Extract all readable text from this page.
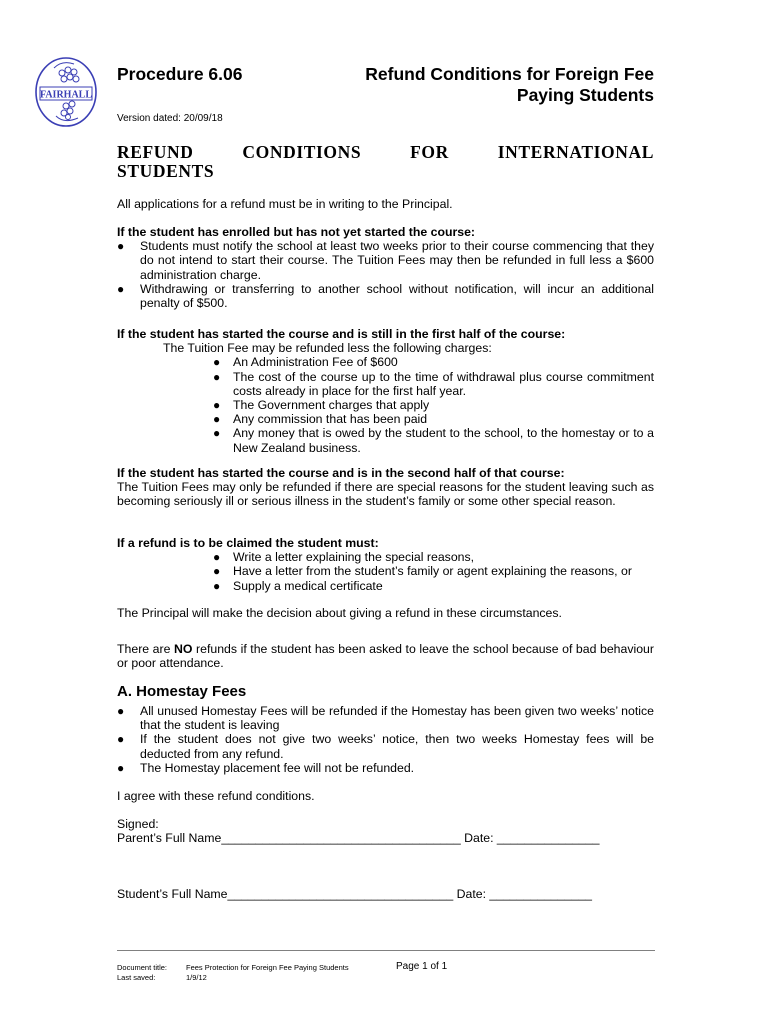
FAIRHALL
Procedure 6.06	Refund Conditions for Foreign Fee
Paying Students
Version dated: 20/09/18
REFUND CONDITIONS FOR INTERNATIONAL
STUDENTS
All applications for a refund must be in writing to the Principal.
If the student has enrolled but has not yet started the course:
● Students must notify the school at least two weeks prior to their course commencing that they do not intend to start their course. The Tuition Fees may then be refunded in full less a $600 administration charge.
● Withdrawing or transferring to another school without notification, will incur an additional penalty of $500.
If the student has started the course and is still in the first half of the course:
The Tuition Fee may be refunded less the following charges:
● An Administration Fee of $600
● The cost of the course up to the time of withdrawal plus course commitment costs already in place for the first half year.
● The Government charges that apply
● Any commission that has been paid
● Any money that is owed by the student to the school, to the homestay or to a New Zealand business.
If the student has started the course and is in the second half of that course:
The Tuition Fees may only be refunded if there are special reasons for the student leaving such as becoming seriously ill or serious illness in the student’s family or some other special reason.
If a refund is to be claimed the student must:
● Write a letter explaining the special reasons,
● Have a letter from the student’s family or agent explaining the reasons, or
● Supply a medical certificate
The Principal will make the decision about giving a refund in these circumstances.
There are NO refunds if the student has been asked to leave the school because of bad behaviour or poor attendance.
A. Homestay Fees
● All unused Homestay Fees will be refunded if the Homestay has been given two weeks’ notice that the student is leaving
● If the student does not give two weeks’ notice, then two weeks Homestay fees will be deducted from any refund.
● The Homestay placement fee will not be refunded.
I agree with these refund conditions.
Signed:
Parent’s Full Name___________________________________ Date: _______________
Student’s Full Name_________________________________ Date: _______________
Document title:	Fees Protection for Foreign Fee Paying Students
Last saved:	1/9/12
Page 1 of 1
